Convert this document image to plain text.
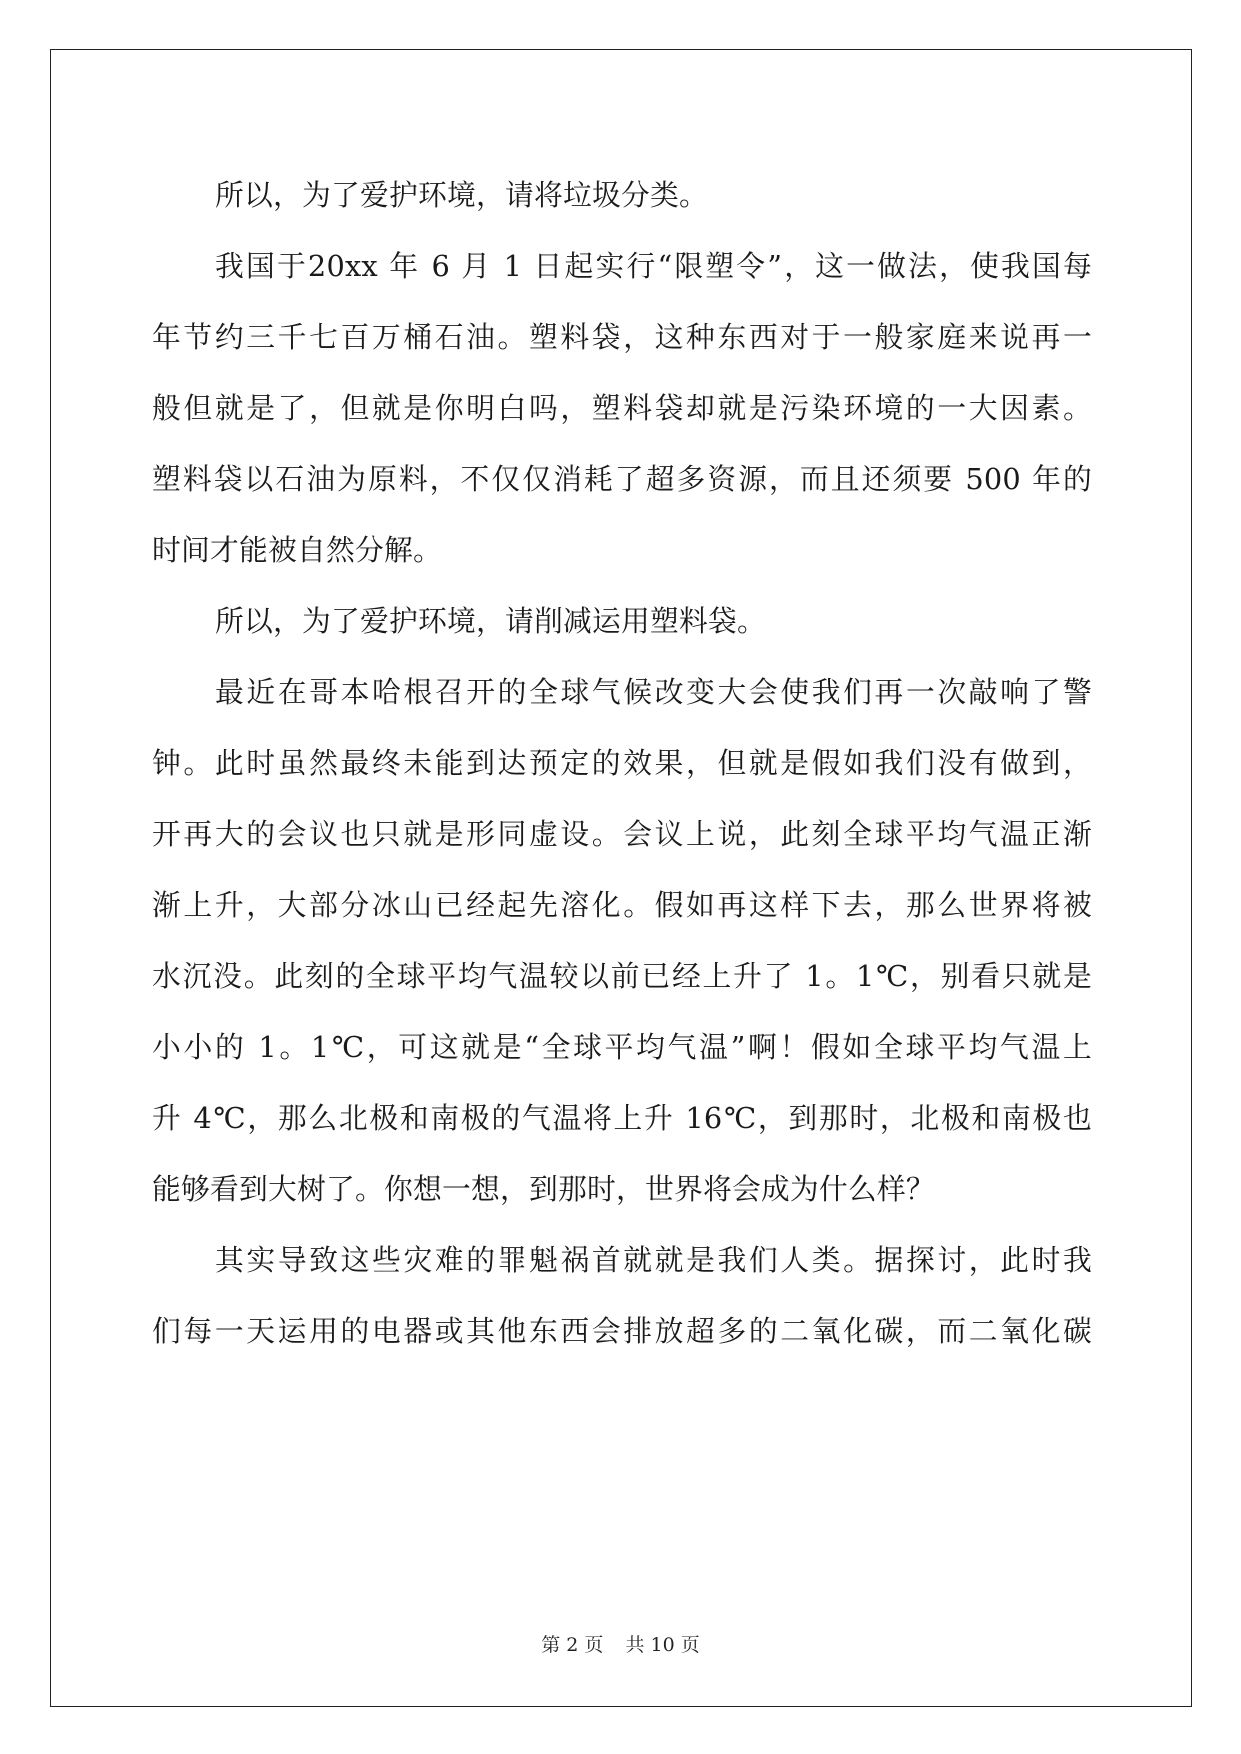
所以，为了爱护环境，请将垃圾分类。
我国于20xx 年 6 月 1 日起实行“限塑令”，这一做法，使我国每
年节约三千七百万桶石油。塑料袋，这种东西对于一般家庭来说再一
般但就是了，但就是你明白吗，塑料袋却就是污染环境的一大因素。
塑料袋以石油为原料，不仅仅消耗了超多资源，而且还须要 500 年的
时间才能被自然分解。
所以，为了爱护环境，请削减运用塑料袋。
最近在哥本哈根召开的全球气候改变大会使我们再一次敲响了警
钟。此时虽然最终未能到达预定的效果，但就是假如我们没有做到，
开再大的会议也只就是形同虚设。会议上说，此刻全球平均气温正渐
渐上升，大部分冰山已经起先溶化。假如再这样下去，那么世界将被
水沉没。此刻的全球平均气温较以前已经上升了 1。1℃，别看只就是
小小的 1。1℃，可这就是“全球平均气温”啊！假如全球平均气温上
升 4℃，那么北极和南极的气温将上升 16℃，到那时，北极和南极也
能够看到大树了。你想一想，到那时，世界将会成为什么样？
其实导致这些灾难的罪魁祸首就就是我们人类。据探讨，此时我
们每一天运用的电器或其他东西会排放超多的二氧化碳，而二氧化碳
第 2 页 共 10 页
